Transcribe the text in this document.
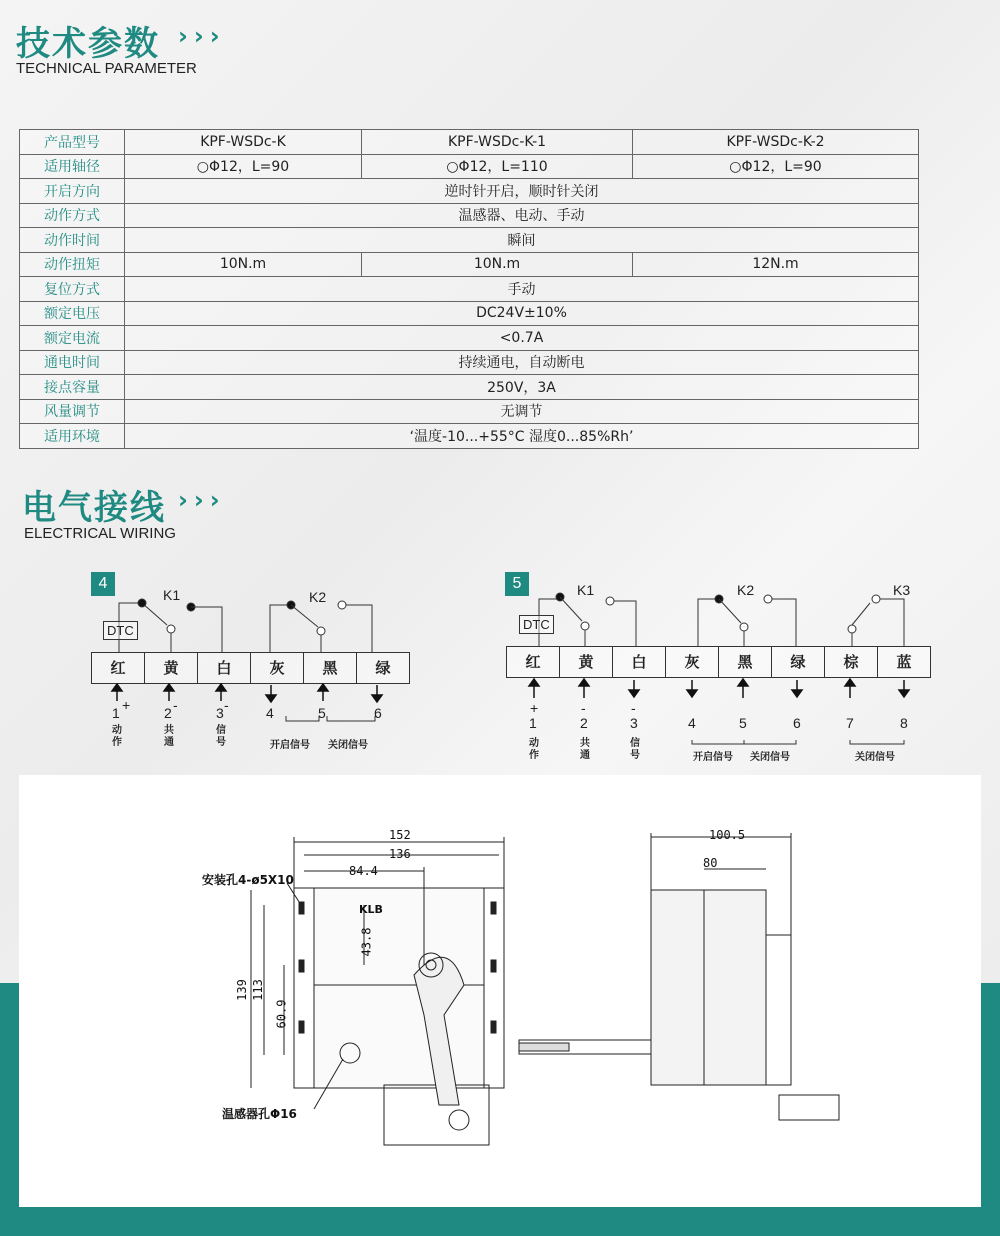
技术参数 ›››
TECHNICAL PARAMETER
产品型号	KPF-WSDc-K	KPF-WSDc-K-1	KPF-WSDc-K-2
适用轴径	○Φ12，L=90	○Φ12，L=110	○Φ12，L=90
开启方向	逆时针开启，顺时针关闭		
动作方式	温感器、电动、手动		
动作时间	瞬间		
动作扭矩	10N.m	10N.m	12N.m
复位方式	手动		
额定电压	DC24V±10%		
额定电流	<0.7A		
通电时间	持续通电，自动断电		
接点容量	250V，3A		
风量调节	无调节		
适用环境	‘温度-10...+55°C 湿度0...85%Rh’		
电气接线 ›››
ELECTRICAL WIRING
4
K1	K2
DTC
红	黄	白	灰	黑	绿
1	2	3	4	5	6
+	-	-
动作
共通
信号	开启信号 关闭信号
5	K1	K2	K3
DTC
红	黄	白	灰	黑	绿	棕	蓝
1	2	3	4	5	6	7	8
+	-	-
动作
共通
信号	开启信号 关闭信号	关闭信号
安装孔4-ø5X10
温感器孔Φ16
KLB
152
136
84.4
43.8
139 113
60.9
100.5
80
